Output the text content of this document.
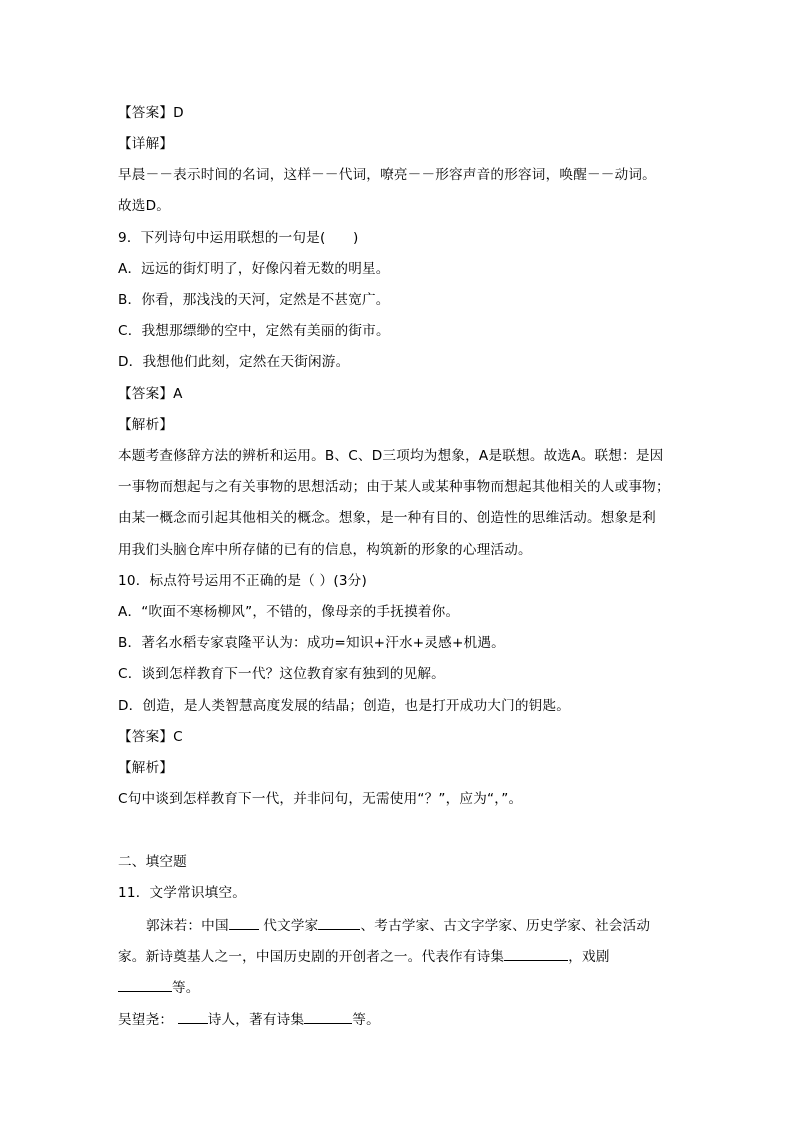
【答案】D
【详解】
早晨－－表示时间的名词，这样－－代词，嘹亮－－形容声音的形容词，唤醒－－动词。
故选D。
9．下列诗句中运用联想的一句是(　　)
A．远远的街灯明了，好像闪着无数的明星。
B．你看，那浅浅的天河，定然是不甚宽广。
C．我想那缥缈的空中，定然有美丽的街市。
D．我想他们此刻，定然在天街闲游。
【答案】A
【解析】
本题考查修辞方法的辨析和运用。B、C、D三项均为想象，A是联想。故选A。联想：是因
一事物而想起与之有关事物的思想活动；由于某人或某种事物而想起其他相关的人或事物；
由某一概念而引起其他相关的概念。想象，是一种有目的、创造性的思维活动。想象是利
用我们头脑仓库中所存储的已有的信息，构筑新的形象的心理活动。
10．标点符号运用不正确的是（ ）(3分)
A．“吹面不寒杨柳风”，不错的，像母亲的手抚摸着你。
B．著名水稻专家袁隆平认为：成功=知识+汗水+灵感+机遇。
C．谈到怎样教育下一代？这位教育家有独到的见解。
D．创造，是人类智慧高度发展的结晶；创造，也是打开成功大门的钥匙。
【答案】C
【解析】
C句中谈到怎样教育下一代，并非问句，无需使用“？”，应为“，”。
二、填空题
11．文学常识填空。
郭沫若：中国	代文学家	、考古学家、古文字学家、历史学家、社会活动
家。新诗奠基人之一，中国历史剧的开创者之一。代表作有诗集	，戏剧
等。
吴望尧：	诗人，著有诗集	等。
